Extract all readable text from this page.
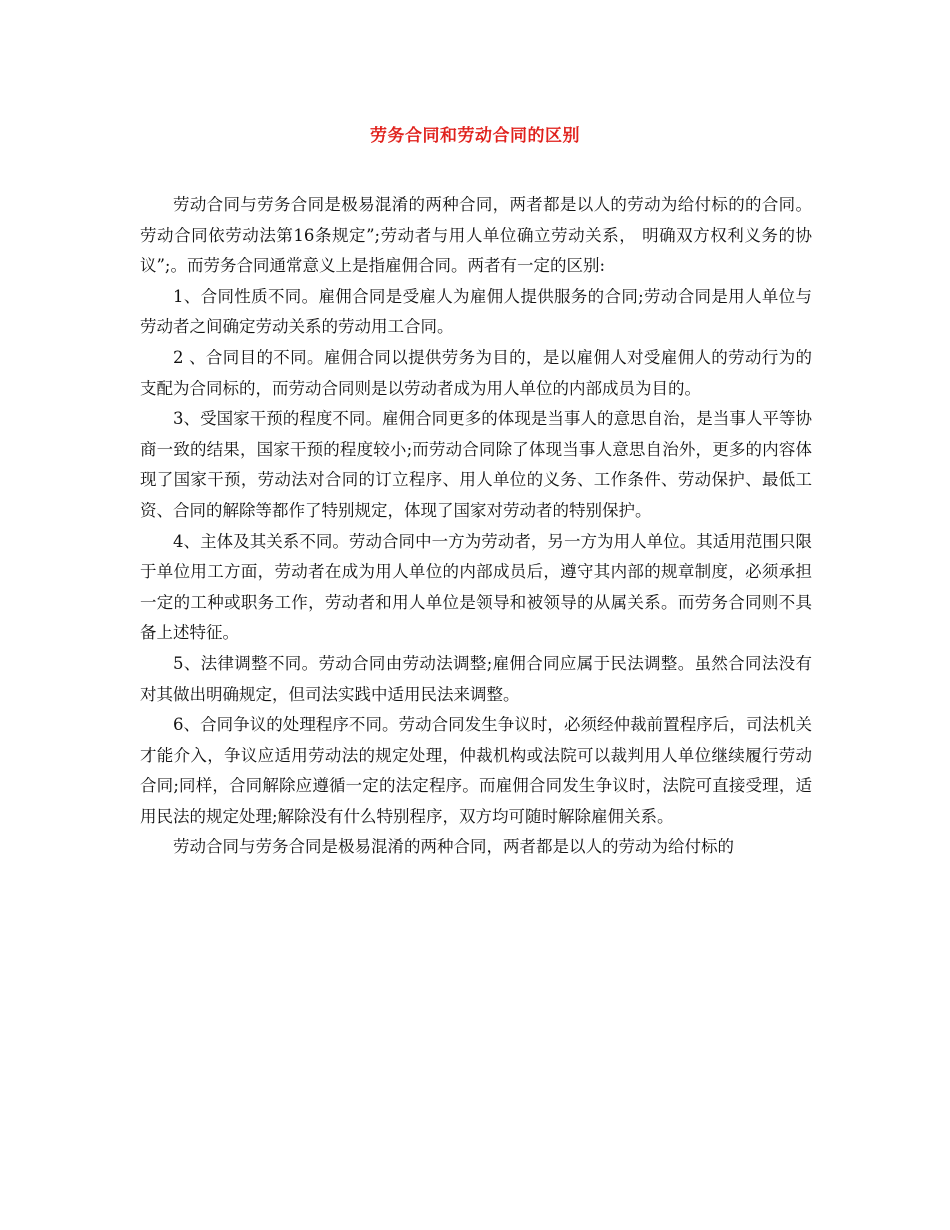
劳务合同和劳动合同的区别

劳动合同与劳务合同是极易混淆的两种合同，两者都是以人的劳动为给付标的的合同。劳动合同依劳动法第16条规定”;劳动者与用人单位确立劳动关系， 明确双方权利义务的协议”;。而劳务合同通常意义上是指雇佣合同。两者有一定的区别:

1、合同性质不同。雇佣合同是受雇人为雇佣人提供服务的合同;劳动合同是用人单位与劳动者之间确定劳动关系的劳动用工合同。

2 、合同目的不同。雇佣合同以提供劳务为目的，是以雇佣人对受雇佣人的劳动行为的支配为合同标的，而劳动合同则是以劳动者成为用人单位的内部成员为目的。

3、受国家干预的程度不同。雇佣合同更多的体现是当事人的意思自治，是当事人平等协商一致的结果，国家干预的程度较小;而劳动合同除了体现当事人意思自治外，更多的内容体现了国家干预，劳动法对合同的订立程序、用人单位的义务、工作条件、劳动保护、最低工资、合同的解除等都作了特别规定，体现了国家对劳动者的特别保护。

4、主体及其关系不同。劳动合同中一方为劳动者，另一方为用人单位。其适用范围只限于单位用工方面，劳动者在成为用人单位的内部成员后，遵守其内部的规章制度，必须承担一定的工种或职务工作，劳动者和用人单位是领导和被领导的从属关系。而劳务合同则不具备上述特征。

5、法律调整不同。劳动合同由劳动法调整;雇佣合同应属于民法调整。虽然合同法没有对其做出明确规定，但司法实践中适用民法来调整。

6、合同争议的处理程序不同。劳动合同发生争议时，必须经仲裁前置程序后，司法机关才能介入，争议应适用劳动法的规定处理，仲裁机构或法院可以裁判用人单位继续履行劳动合同;同样，合同解除应遵循一定的法定程序。而雇佣合同发生争议时，法院可直接受理，适用民法的规定处理;解除没有什么特别程序，双方均可随时解除雇佣关系。

劳动合同与劳务合同是极易混淆的两种合同，两者都是以人的劳动为给付标的
